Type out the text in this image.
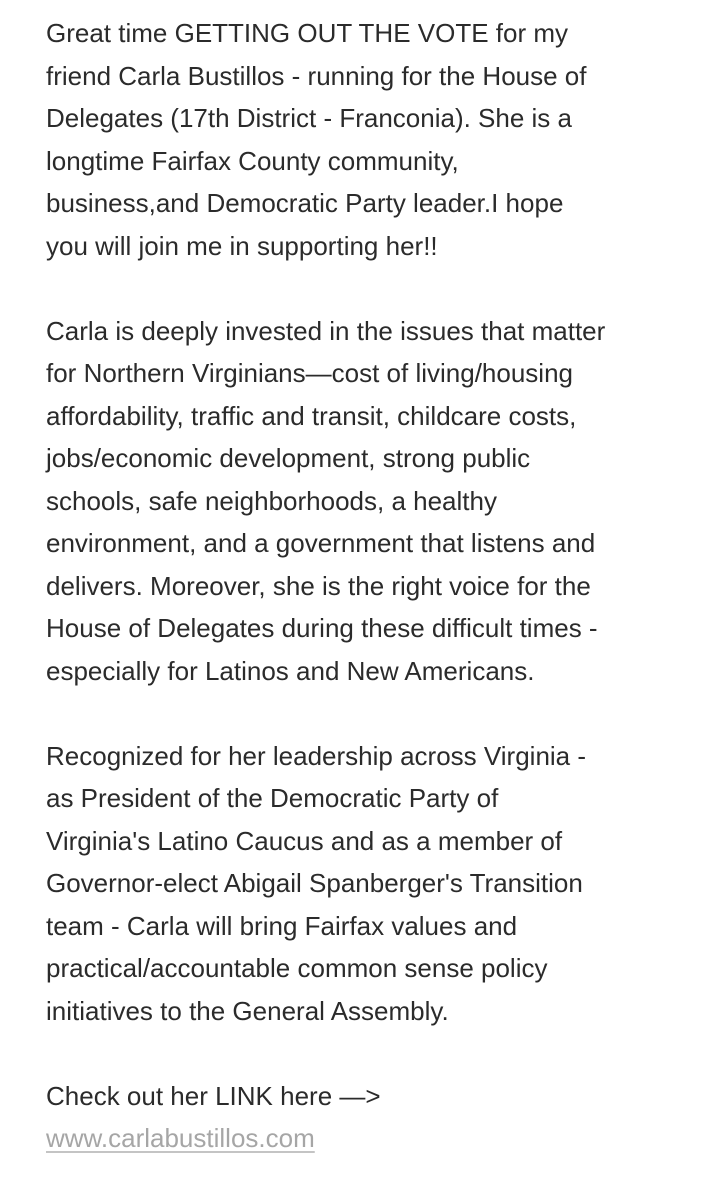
Great time GETTING OUT THE VOTE for my
friend Carla Bustillos - running for the House of
Delegates (17th District - Franconia). She is a
longtime Fairfax County community,
business,and Democratic Party leader.I hope
you will join me in supporting her!!

Carla is deeply invested in the issues that matter
for Northern Virginians—cost of living/housing
affordability, traffic and transit, childcare costs,
jobs/economic development, strong public
schools, safe neighborhoods, a healthy
environment, and a government that listens and
delivers. Moreover, she is the right voice for the
House of Delegates during these difficult times -
especially for Latinos and New Americans.

Recognized for her leadership across Virginia -
as President of the Democratic Party of
Virginia's Latino Caucus and as a member of
Governor-elect Abigail Spanberger's Transition
team - Carla will bring Fairfax values and
practical/accountable common sense policy
initiatives to the General Assembly.

Check out her LINK here —>
www.carlabustillos.com
